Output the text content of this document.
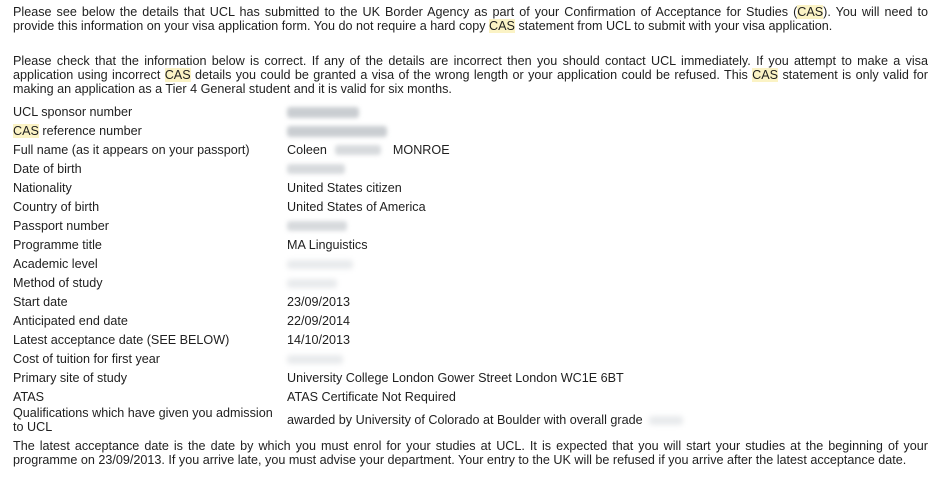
Please see below the details that UCL has submitted to the UK Border Agency as part of your Confirmation of Acceptance for Studies (CAS). You will need to provide this information on your visa application form. You do not require a hard copy CAS statement from UCL to submit with your visa application.

Please check that the information below is correct. If any of the details are incorrect then you should contact UCL immediately. If you attempt to make a visa application using incorrect CAS details you could be granted a visa of the wrong length or your application could be refused. This CAS statement is only valid for making an application as a Tier 4 General student and it is valid for six months.

UCL sponsor number
CAS reference number
Full name (as it appears on your passport)	Coleen	MONROE
Date of birth
Nationality	United States citizen
Country of birth	United States of America
Passport number
Programme title	MA Linguistics
Academic level
Method of study
Start date	23/09/2013
Anticipated end date	22/09/2014
Latest acceptance date (SEE BELOW)	14/10/2013
Cost of tuition for first year
Primary site of study	University College London Gower Street London WC1E 6BT
ATAS	ATAS Certificate Not Required
Qualifications which have given you admission to UCL	awarded by University of Colorado at Boulder with overall grade

The latest acceptance date is the date by which you must enrol for your studies at UCL. It is expected that you will start your studies at the beginning of your programme on 23/09/2013. If you arrive late, you must advise your department. Your entry to the UK will be refused if you arrive after the latest acceptance date.
